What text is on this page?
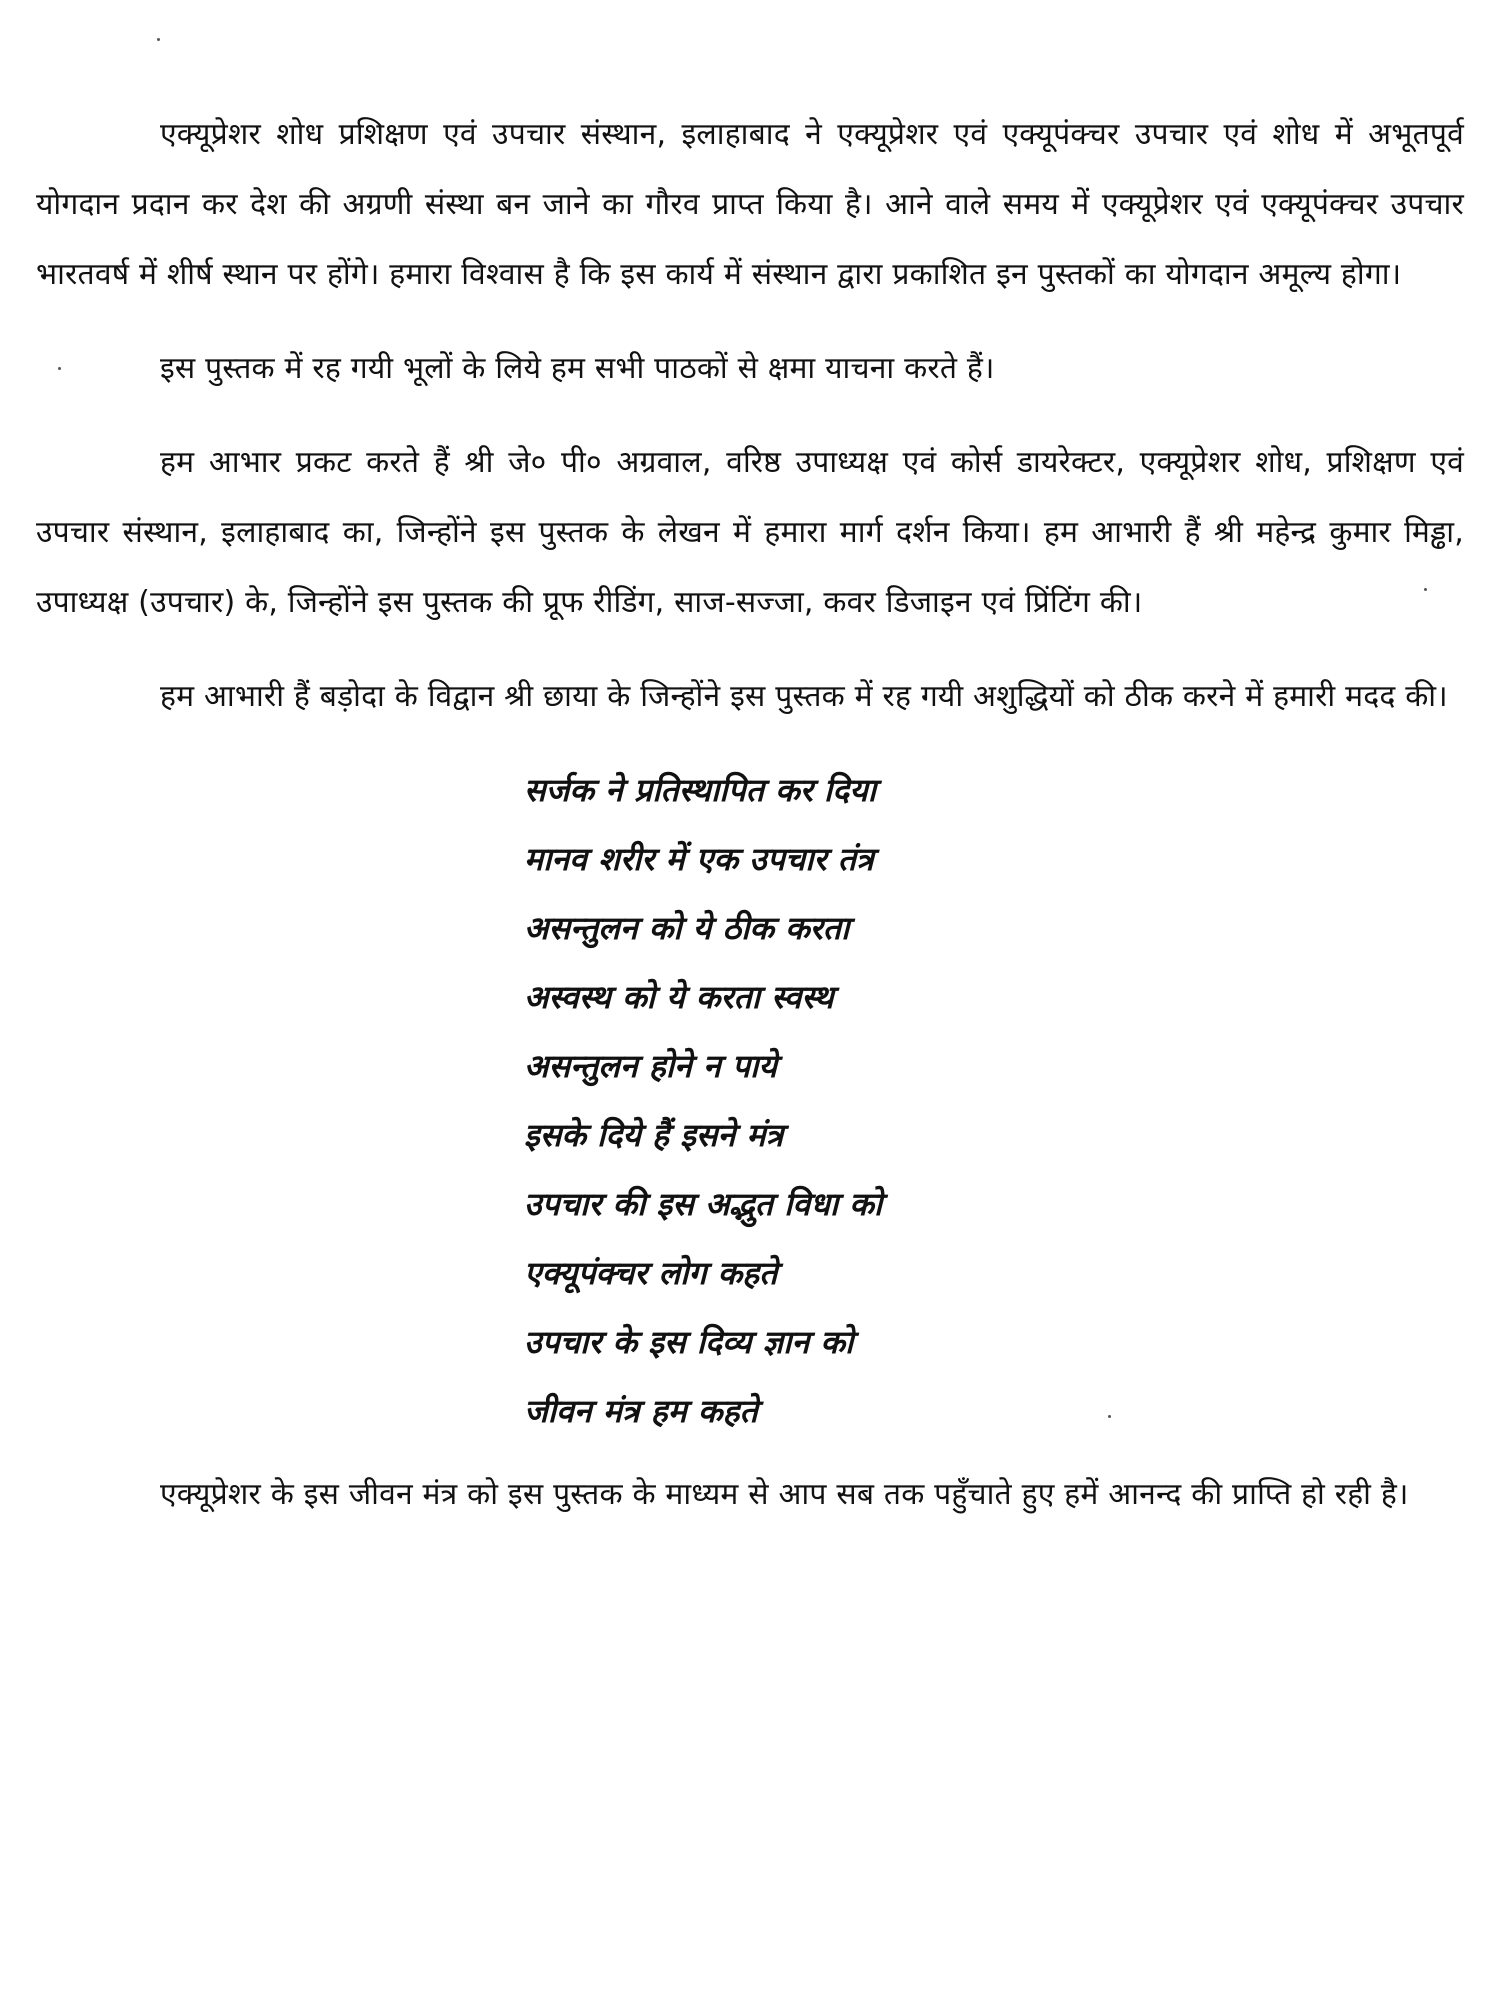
एक्यूप्रेशर शोध प्रशिक्षण एवं उपचार संस्थान, इलाहाबाद ने एक्यूप्रेशर एवं एक्यूपंक्चर उपचार एवं शोध में अभूतपूर्व योगदान प्रदान कर देश की अग्रणी संस्था बन जाने का गौरव प्राप्त किया है। आने वाले समय में एक्यूप्रेशर एवं एक्यूपंक्चर उपचार भारतवर्ष में शीर्ष स्थान पर होंगे। हमारा विश्वास है कि इस कार्य में संस्थान द्वारा प्रकाशित इन पुस्तकों का योगदान अमूल्य होगा।

इस पुस्तक में रह गयी भूलों के लिये हम सभी पाठकों से क्षमा याचना करते हैं।

हम आभार प्रकट करते हैं श्री जे० पी० अग्रवाल, वरिष्ठ उपाध्यक्ष एवं कोर्स डायरेक्टर, एक्यूप्रेशर शोध, प्रशिक्षण एवं उपचार संस्थान, इलाहाबाद का, जिन्होंने इस पुस्तक के लेखन में हमारा मार्ग दर्शन किया। हम आभारी हैं श्री महेन्द्र कुमार मिड्ढा, उपाध्यक्ष (उपचार) के, जिन्होंने इस पुस्तक की प्रूफ रीडिंग, साज-सज्जा, कवर डिजाइन एवं प्रिंटिंग की।

हम आभारी हैं बड़ोदा के विद्वान श्री छाया के जिन्होंने इस पुस्तक में रह गयी अशुद्धियों को ठीक करने में हमारी मदद की।

सर्जक ने प्रतिस्थापित कर दिया
मानव शरीर में एक उपचार तंत्र
असन्तुलन को ये ठीक करता
अस्वस्थ को ये करता स्वस्थ
असन्तुलन होने न पाये
इसके दिये हैं इसने मंत्र
उपचार की इस अद्भुत विधा को
एक्यूपंक्चर लोग कहते
उपचार के इस दिव्य ज्ञान को
जीवन मंत्र हम कहते

एक्यूप्रेशर के इस जीवन मंत्र को इस पुस्तक के माध्यम से आप सब तक पहुँचाते हुए हमें आनन्द की प्राप्ति हो रही है।
